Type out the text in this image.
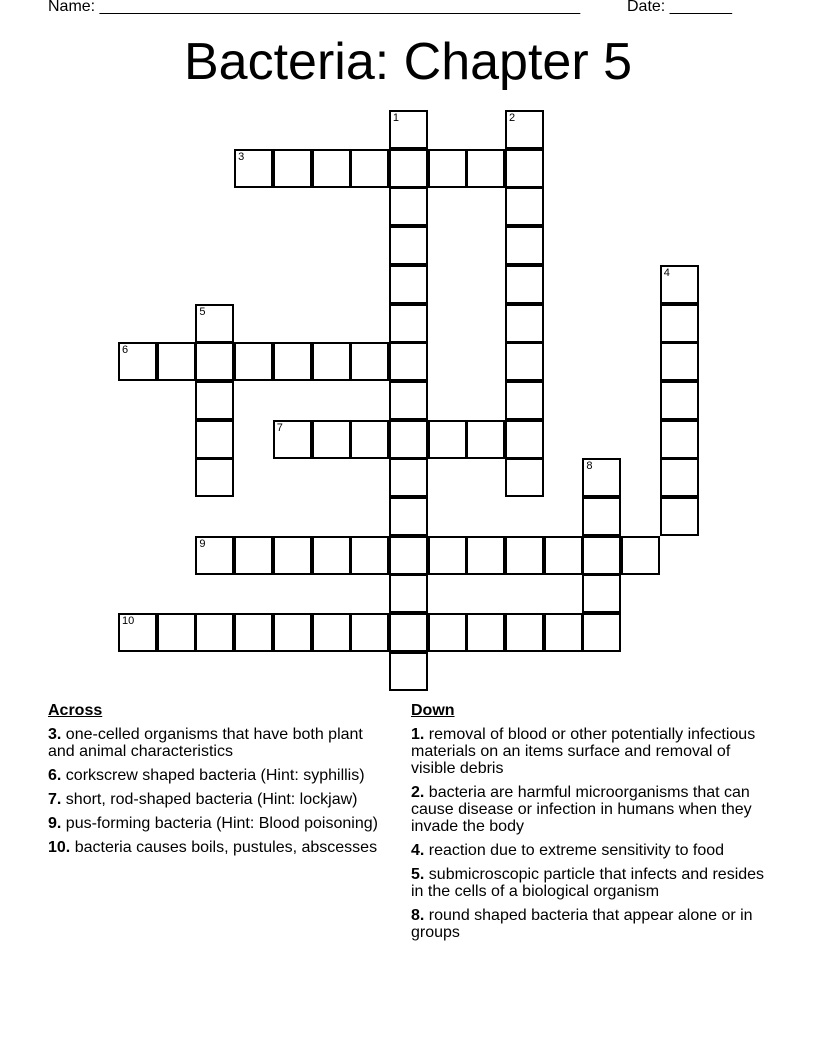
Name: ______________________________________________________	Date: _______
Bacteria: Chapter 5
1	2
3
4
5
6
7
8
9
10
Across
3. one-celled organisms that have both plant and animal characteristics
6. corkscrew shaped bacteria (Hint: syphillis)
7. short, rod-shaped bacteria (Hint: lockjaw)
9. pus-forming bacteria (Hint: Blood poisoning)
10. bacteria causes boils, pustules, abscesses
Down
1. removal of blood or other potentially infectious materials on an items surface and removal of visible debris
2. bacteria are harmful microorganisms that can cause disease or infection in humans when they invade the body
4. reaction due to extreme sensitivity to food
5. submicroscopic particle that infects and resides in the cells of a biological organism
8. round shaped bacteria that appear alone or in groups
